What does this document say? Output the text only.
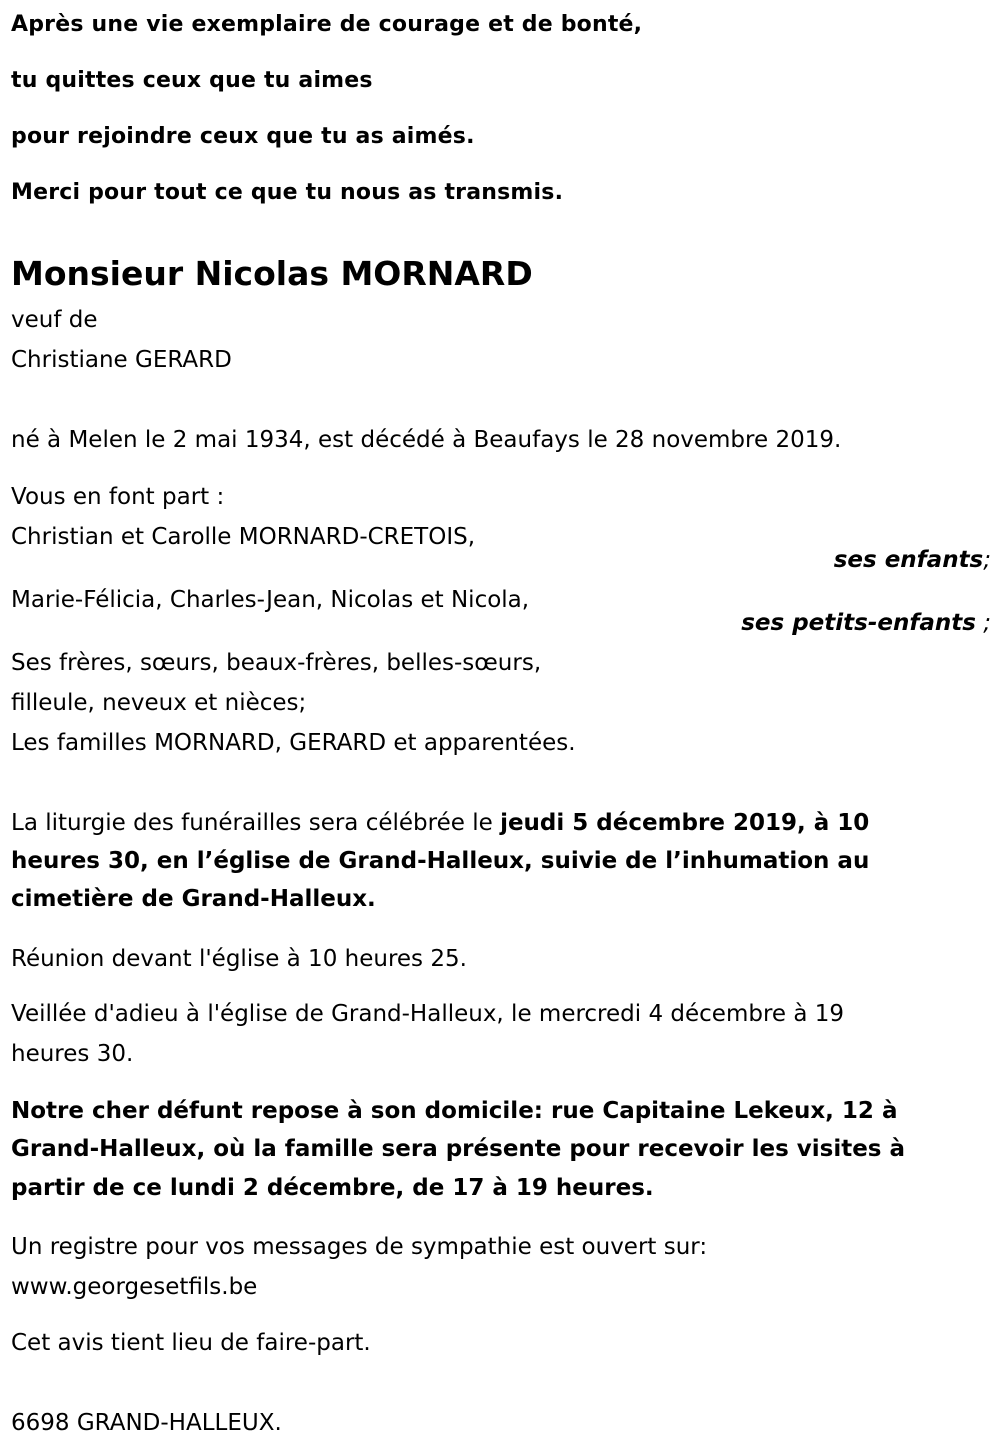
Après une vie exemplaire de courage et de bonté,
tu quittes ceux que tu aimes
pour rejoindre ceux que tu as aimés.
Merci pour tout ce que tu nous as transmis.
Monsieur Nicolas MORNARD
veuf de
Christiane GERARD
né à Melen le 2 mai 1934, est décédé à Beaufays le 28 novembre 2019.
Vous en font part :
Christian et Carolle MORNARD-CRETOIS,
ses enfants;
Marie-Félicia, Charles-Jean, Nicolas et Nicola,
ses petits-enfants ;
Ses frères, sœurs, beaux-frères, belles-sœurs,
filleule, neveux et nièces;
Les familles MORNARD, GERARD et apparentées.
La liturgie des funérailles sera célébrée le jeudi 5 décembre 2019, à 10
heures 30, en l’église de Grand-Halleux, suivie de l’inhumation au
cimetière de Grand-Halleux.
Réunion devant l'église à 10 heures 25.
Veillée d'adieu à l'église de Grand-Halleux, le mercredi 4 décembre à 19
heures 30.
Notre cher défunt repose à son domicile: rue Capitaine Lekeux, 12 à
Grand-Halleux, où la famille sera présente pour recevoir les visites à
partir de ce lundi 2 décembre, de 17 à 19 heures.
Un registre pour vos messages de sympathie est ouvert sur:
www.georgesetfils.be
Cet avis tient lieu de faire-part.
6698 GRAND-HALLEUX.
